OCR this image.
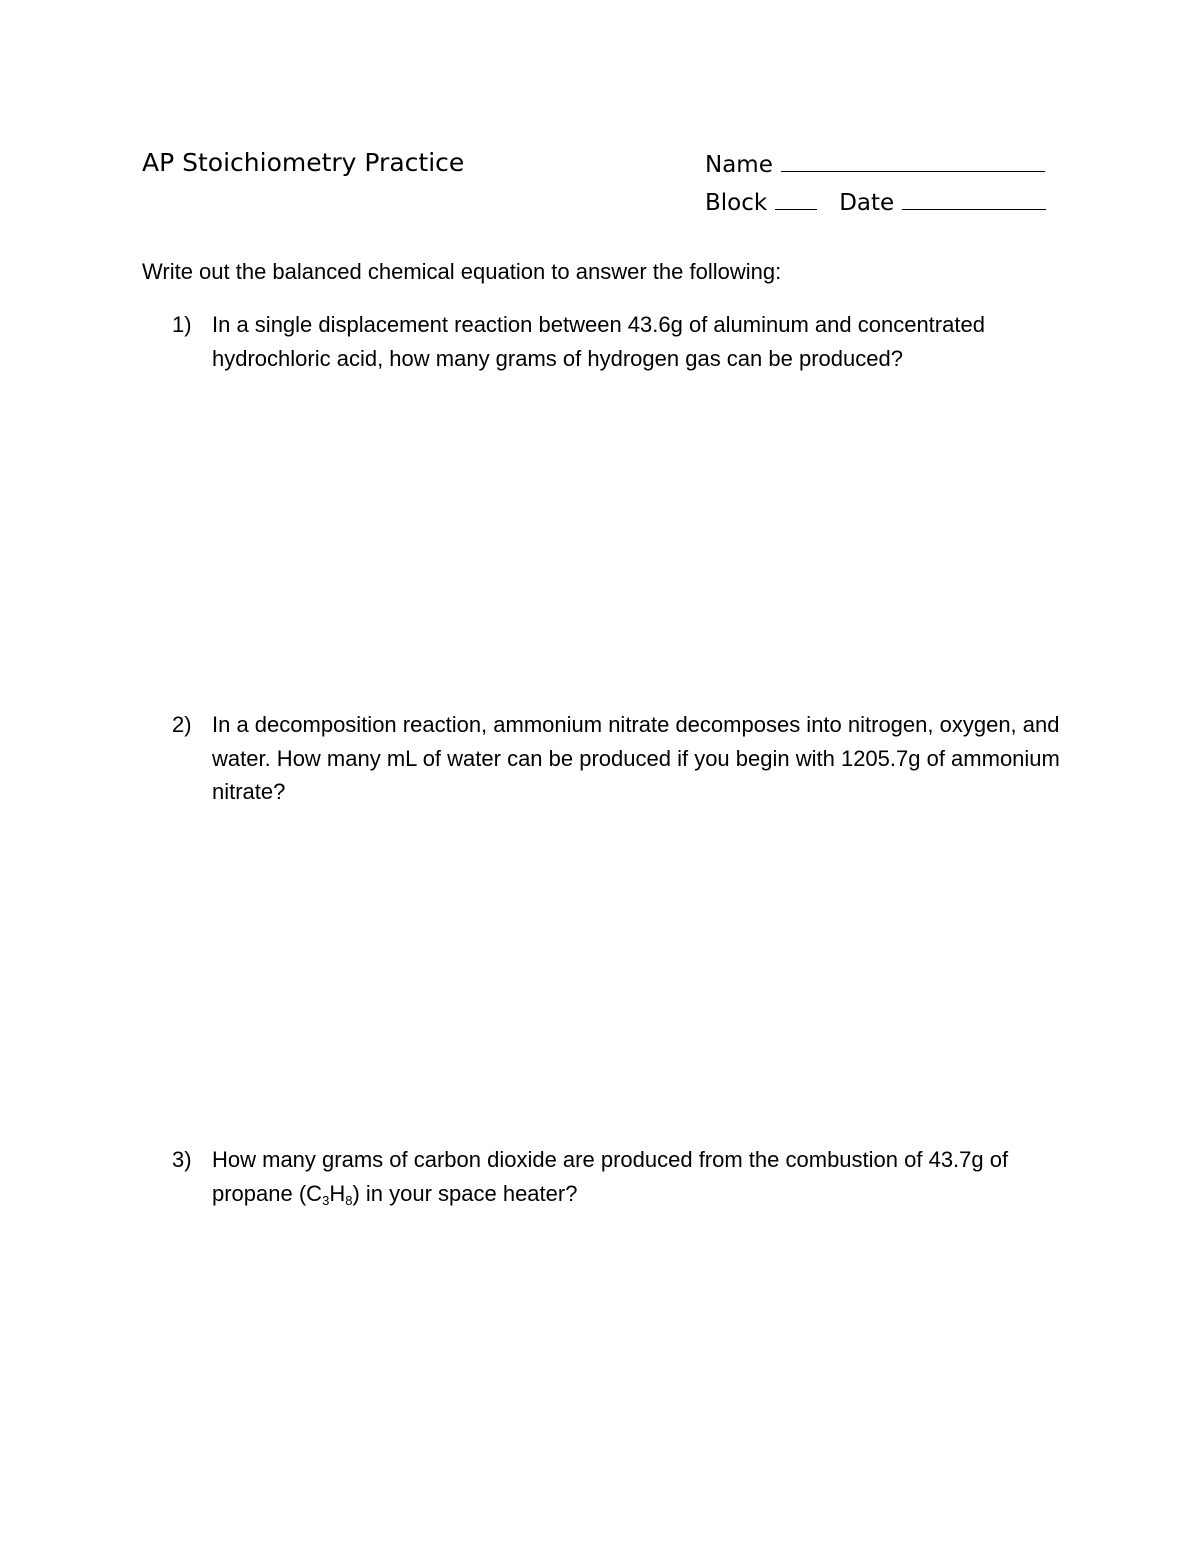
AP Stoichiometry Practice	Name
Block	Date
Write out the balanced chemical equation to answer the following:
1) In a single displacement reaction between 43.6g of aluminum and concentrated
hydrochloric acid, how many grams of hydrogen gas can be produced?
2) In a decomposition reaction, ammonium nitrate decomposes into nitrogen, oxygen, and
water. How many mL of water can be produced if you begin with 1205.7g of ammonium
nitrate?
3) How many grams of carbon dioxide are produced from the combustion of 43.7g of
propane $(C_3H_8)$ in your space heater?
